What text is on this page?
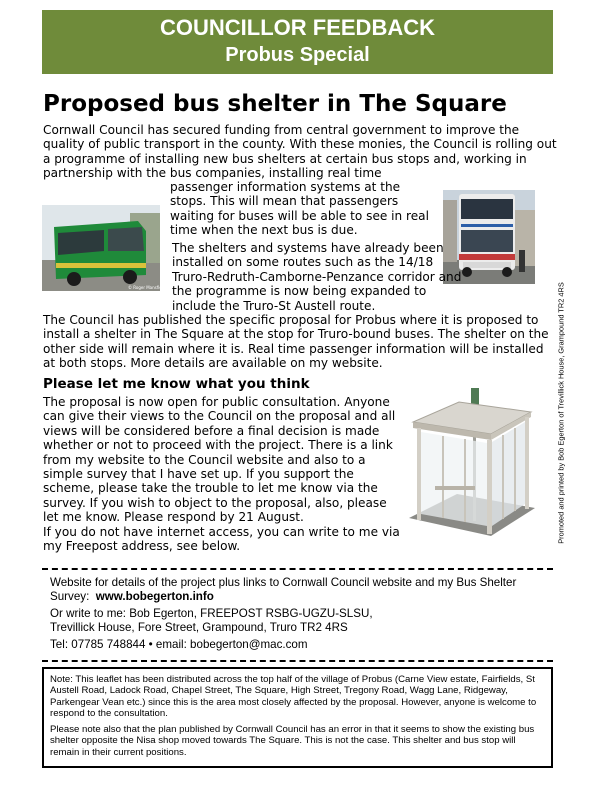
COUNCILLOR FEEDBACK
Probus Special
Proposed bus shelter in The Square
Cornwall Council has secured funding from central government to improve the quality of public transport in the county. With these monies, the Council is rolling out a programme of installing new bus shelters at certain bus stops and, working in partnership with the bus companies, installing real time
© Roger Mansfield
passenger information systems at the stops. This will mean that passengers waiting for buses will be able to see in real time when the next bus is due.
The shelters and systems have already been installed on some routes such as the 14/18 Truro-Redruth-Camborne-Penzance corridor and the programme is now being expanded to include the Truro-St Austell route.
The Council has published the specific proposal for Probus where it is proposed to install a shelter in The Square at the stop for Truro-bound buses. The shelter on the other side will remain where it is. Real time passenger information will be installed at both stops. More details are available on my website.
Please let me know what you think
The proposal is now open for public consultation. Anyone can give their views to the Council on the proposal and all views will be considered before a final decision is made whether or not to proceed with the project. There is a link from my website to the Council website and also to a simple survey that I have set up. If you support the scheme, please take the trouble to let me know via the survey. If you wish to object to the proposal, also, please let me know. Please respond by 21 August.
If you do not have internet access, you can write to me via my Freepost address, see below.
Promoted and printed by Bob Egerton of Trevillick House, Grampound TR2 4RS
Website for details of the project plus links to Cornwall Council website and my Bus Shelter
Survey: www.bobegerton.info
Or write to me: Bob Egerton, FREEPOST RSBG-UGZU-SLSU,
Trevillick House, Fore Street, Grampound, Truro TR2 4RS
Tel: 07785 748844 • email: bobegerton@mac.com

Note: This leaflet has been distributed across the top half of the village of Probus (Carne View estate, Fairfields, St Austell Road, Ladock Road, Chapel Street, The Square, High Street, Tregony Road, Wagg Lane, Ridgeway, Parkengear Vean etc.) since this is the area most closely affected by the proposal. However, anyone is welcome to respond to the consultation.

Please note also that the plan published by Cornwall Council has an error in that it seems to show the existing bus shelter opposite the Nisa shop moved towards The Square. This is not the case. This shelter and bus stop will remain in their current positions.
